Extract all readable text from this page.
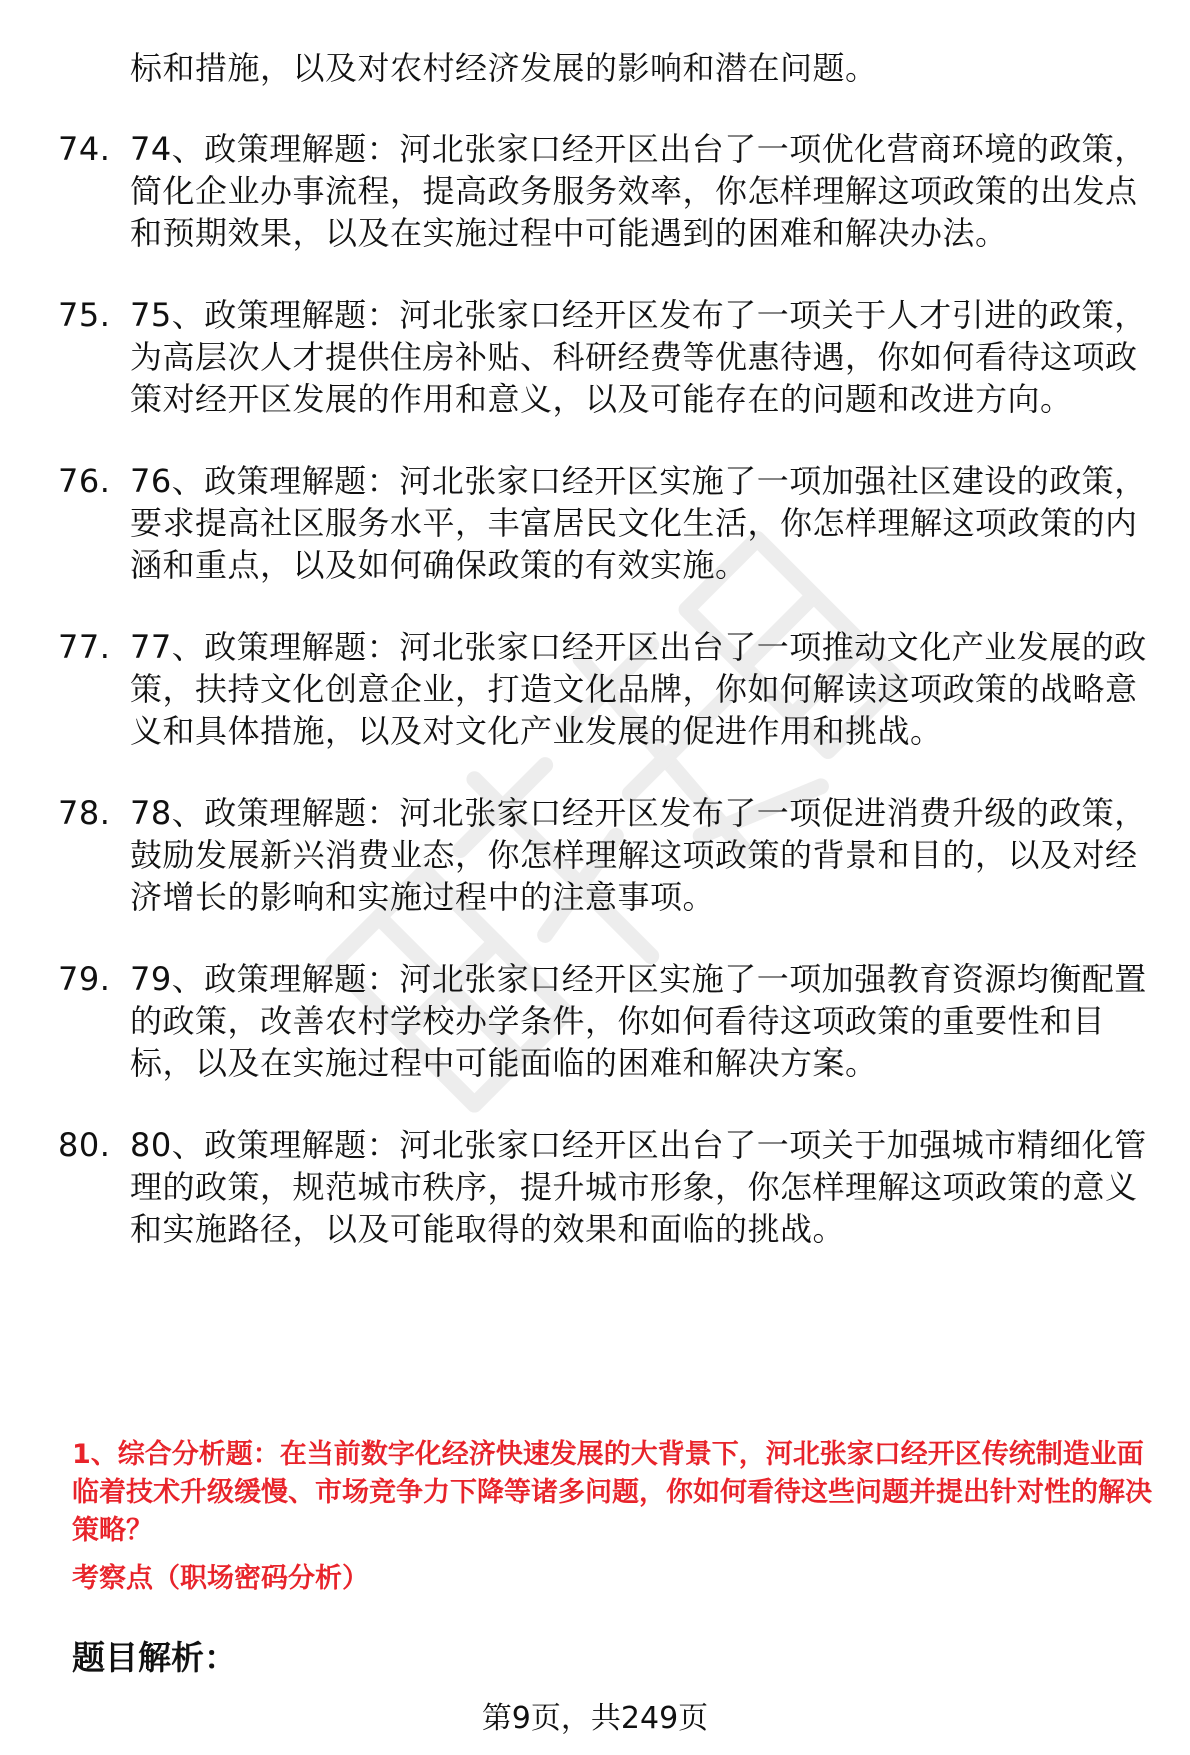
标和措施，以及对农村经济发展的影响和潜在问题。
74. 74、政策理解题：河北张家口经开区出台了一项优化营商环境的政策，简化企业办事流程，提高政务服务效率，你怎样理解这项政策的出发点和预期效果，以及在实施过程中可能遇到的困难和解决办法。
75. 75、政策理解题：河北张家口经开区发布了一项关于人才引进的政策，为高层次人才提供住房补贴、科研经费等优惠待遇，你如何看待这项政策对经开区发展的作用和意义，以及可能存在的问题和改进方向。
76. 76、政策理解题：河北张家口经开区实施了一项加强社区建设的政策，要求提高社区服务水平，丰富居民文化生活，你怎样理解这项政策的内涵和重点，以及如何确保政策的有效实施。
77. 77、政策理解题：河北张家口经开区出台了一项推动文化产业发展的政策，扶持文化创意企业，打造文化品牌，你如何解读这项政策的战略意义和具体措施，以及对文化产业发展的促进作用和挑战。
78. 78、政策理解题：河北张家口经开区发布了一项促进消费升级的政策，鼓励发展新兴消费业态，你怎样理解这项政策的背景和目的，以及对经济增长的影响和实施过程中的注意事项。
79. 79、政策理解题：河北张家口经开区实施了一项加强教育资源均衡配置的政策，改善农村学校办学条件，你如何看待这项政策的重要性和目标，以及在实施过程中可能面临的困难和解决方案。
80. 80、政策理解题：河北张家口经开区出台了一项关于加强城市精细化管理的政策，规范城市秩序，提升城市形象，你怎样理解这项政策的意义和实施路径，以及可能取得的效果和面临的挑战。
1、综合分析题：在当前数字化经济快速发展的大背景下，河北张家口经开区传统制造业面临着技术升级缓慢、市场竞争力下降等诸多问题，你如何看待这些问题并提出针对性的解决策略？
考察点（职场密码分析）
题目解析：
第9页，共249页
